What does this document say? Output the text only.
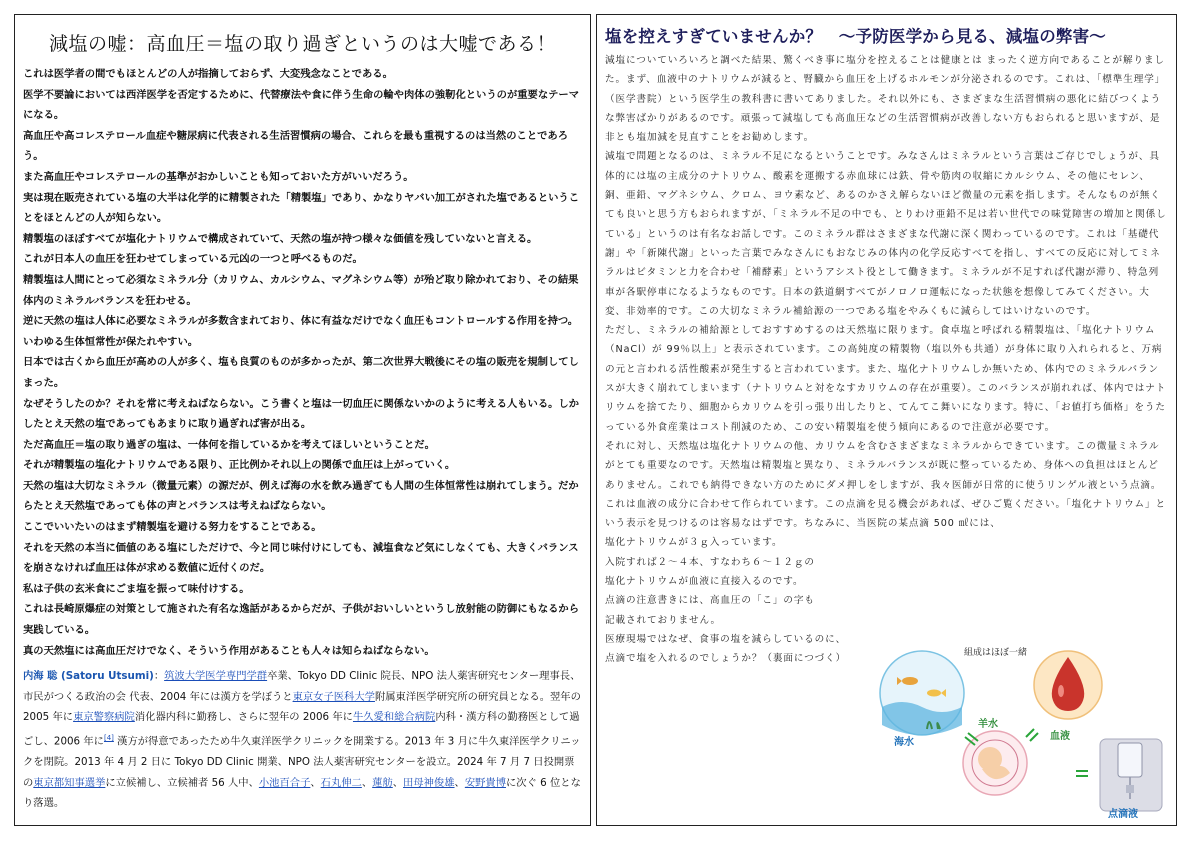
減塩の嘘：高血圧＝塩の取り過ぎというのは大嘘である！

これは医学者の間でもほとんどの人が指摘しておらず、大変残念なことである。

医学不要論においては西洋医学を否定するために、代替療法や食に伴う生命の輪や肉体の強靭化というのが重要なテーマになる。

高血圧や高コレステロール血症や糖尿病に代表される生活習慣病の場合、これらを最も重視するのは当然のことであろう。

また高血圧やコレステロールの基準がおかしいことも知っておいた方がいいだろう。

実は現在販売されている塩の大半は化学的に精製された「精製塩」であり、かなりヤバい加工がされた塩であるということをほとんどの人が知らない。

精製塩のほぼすべてが塩化ナトリウムで構成されていて、天然の塩が持つ様々な価値を残していないと言える。

これが日本人の血圧を狂わせてしまっている元凶の一つと呼べるものだ。

精製塩は人間にとって必須なミネラル分（カリウム、カルシウム、マグネシウム等）が殆ど取り除かれており、その結果体内のミネラルバランスを狂わせる。

逆に天然の塩は人体に必要なミネラルが多数含まれており、体に有益なだけでなく血圧もコントロールする作用を持つ。いわゆる生体恒常性が保たれやすい。

日本では古くから血圧が高めの人が多く、塩も良質のものが多かったが、第二次世界大戦後にその塩の販売を規制してしまった。

なぜそうしたのか？それを常に考えねばならない。こう書くと塩は一切血圧に関係ないかのように考える人もいる。しかしたとえ天然の塩であってもあまりに取り過ぎれば害が出る。

ただ高血圧＝塩の取り過ぎの塩は、一体何を指しているかを考えてほしいということだ。

それが精製塩の塩化ナトリウムである限り、正比例かそれ以上の関係で血圧は上がっていく。

天然の塩は大切なミネラル（微量元素）の源だが、例えば海の水を飲み過ぎても人間の生体恒常性は崩れてしまう。だからたとえ天然塩であっても体の声とバランスは考えねばならない。

ここでいいたいのはまず精製塩を避ける努力をすることである。

それを天然の本当に価値のある塩にしただけで、今と同じ味付けにしても、減塩食など気にしなくても、大きくバランスを崩さなければ血圧は体が求める数値に近付くのだ。

私は子供の玄米食にごま塩を振って味付けする。

これは長崎原爆症の対策として施された有名な逸話があるからだが、子供がおいしいというし放射能の防御にもなるから実践している。

真の天然塩には高血圧だけでなく、そういう作用があることも人々は知らねばならない。

内海 聡 (Satoru Utsumi)：筑波大学医学専門学群卒業、Tokyo DD Clinic 院長、NPO 法人薬害研究センター理事長、市民がつくる政治の会 代表、2004 年には漢方を学ぼうと東京女子医科大学附属東洋医学研究所の研究員となる。翌年の 2005 年に東京警察病院消化器内科に勤務し、さらに翌年の 2006 年に牛久愛和総合病院内科・漢方科の勤務医として過ごし、2006 年に[4] 漢方が得意であったため牛久東洋医学クリニックを開業する。2013 年 3 月に牛久東洋医学クリニックを閉院。2013 年 4 月 2 日に Tokyo DD Clinic 開業、NPO 法人薬害研究センターを設立。2024 年 7 月 7 日投開票の東京都知事選挙に立候補し、立候補者 56 人中、小池百合子、石丸伸二、蓮舫、田母神俊雄、安野貴博に次ぐ 6 位となり落選。
塩を控えすぎていませんか？　～予防医学から見る、減塩の弊害～

減塩についていろいろと調べた結果、驚くべき事に塩分を控えることは健康とは まったく逆方向であることが解りました。まず、血液中のナトリウムが減ると、腎臓から血圧を上げるホルモンが分泌されるのです。これは、「標準生理学」（医学書院）という医学生の教科書に書いてありました。それ以外にも、さまざまな生活習慣病の悪化に結びつくような弊害ばかりがあるのです。頑張って減塩しても高血圧などの生活習慣病が改善しない方もおられると思いますが、是非とも塩加減を見直すことをお勧めします。

減塩で問題となるのは、ミネラル不足になるということです。みなさんはミネラルという言葉はご存じでしょうが、具体的には塩の主成分のナトリウム、酸素を運搬する赤血球には鉄、骨や筋肉の収縮にカルシウム、その他にセレン、銅、亜鉛、マグネシウム、クロム、ヨウ素など、あるのかさえ解らないほど微量の元素を指します。そんなものが無くても良いと思う方もおられますが、「ミネラル不足の中でも、とりわけ亜鉛不足は若い世代での味覚障害の増加と関係している」というのは有名なお話しです。このミネラル群はさまざまな代謝に深く関わっているのです。これは「基礎代謝」や「新陳代謝」といった言葉でみなさんにもおなじみの体内の化学反応すべてを指し、すべての反応に対してミネラルはビタミンと力を合わせ「補酵素」というアシスト役として働きます。ミネラルが不足すれば代謝が滞り、特急列車が各駅停車になるようなものです。日本の鉄道網すべてがノロノロ運転になった状態を想像してみてください。大変、非効率的です。この大切なミネラル補給源の一つである塩をやみくもに減らしてはいけないのです。

ただし、ミネラルの補給源としておすすめするのは天然塩に限ります。食卓塩と呼ばれる精製塩は、「塩化ナトリウム（NaCl）が 99％以上」と表示されています。この高純度の精製物（塩以外も共通）が身体に取り入れられると、万病の元と言われる活性酸素が発生すると言われています。また、塩化ナトリウムしか無いため、体内でのミネラルバランスが大きく崩れてしまいます（ナトリウムと対をなすカリウムの存在が重要）。このバランスが崩れれば、体内ではナトリウムを捨てたり、細胞からカリウムを引っ張り出したりと、てんてこ舞いになります。特に、「お値打ち価格」をうたっている外食産業はコスト削減のため、この安い精製塩を使う傾向にあるので注意が必要です。

それに対し、天然塩は塩化ナトリウムの他、カリウムを含むさまざまなミネラルからできています。この微量ミネラルがとても重要なのです。天然塩は精製塩と異なり、ミネラルバランスが既に整っているため、身体への負担はほとんどありません。これでも納得できない方のためにダメ押しをしますが、我々医師が日常的に使うリンゲル液という点滴。これは血液の成分に合わせて作られています。この点滴を見る機会があれば、ぜひご覧ください。「塩化ナトリウム」という表示を見つけるのは容易なはずです。ちなみに、当医院の某点滴 500 ㎖には、

塩化ナトリウムが３ｇ入っています。

入院すれば２～４本、すなわち６～１２ｇの

塩化ナトリウムが血液に直接入るのです。

点滴の注意書きには、高血圧の「こ」の字も

記載されておりません。

医療現場ではなぜ、食事の塩を減らしているのに、

点滴で塩を入れるのでしょうか？（裏面につづく）

組成はほぼ一緒
海水
羊水
血液
点滴液
